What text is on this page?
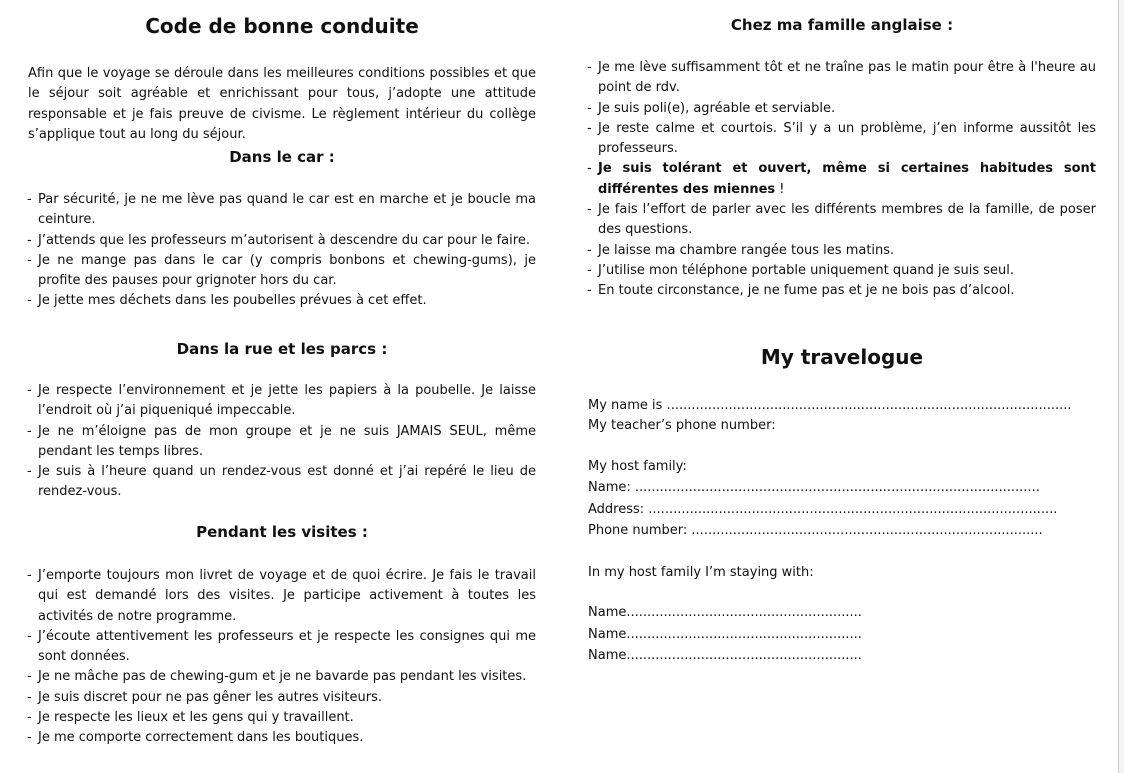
Code de bonne conduite

Afin que le voyage se déroule dans les meilleures conditions possibles et que le séjour soit agréable et enrichissant pour tous, j’adopte une attitude responsable et je fais preuve de civisme. Le règlement intérieur du collège s’applique tout au long du séjour.

Dans le car :
- Par sécurité, je ne me lève pas quand le car est en marche et je boucle ma ceinture.
- J’attends que les professeurs m’autorisent à descendre du car pour le faire.
- Je ne mange pas dans le car (y compris bonbons et chewing-gums), je profite des pauses pour grignoter hors du car.
- Je jette mes déchets dans les poubelles prévues à cet effet.
Dans la rue et les parcs :
- Je respecte l’environnement et je jette les papiers à la poubelle. Je laisse l’endroit où j’ai piqueniqué impeccable.
- Je ne m’éloigne pas de mon groupe et je ne suis JAMAIS SEUL, même pendant les temps libres.
- Je suis à l’heure quand un rendez-vous est donné et j’ai repéré le lieu de rendez-vous.
Pendant les visites :
- J’emporte toujours mon livret de voyage et de quoi écrire. Je fais le travail qui est demandé lors des visites. Je participe activement à toutes les activités de notre programme.
- J’écoute attentivement les professeurs et je respecte les consignes qui me sont données.
- Je ne mâche pas de chewing-gum et je ne bavarde pas pendant les visites.
- Je suis discret pour ne pas gêner les autres visiteurs.
- Je respecte les lieux et les gens qui y travaillent.
- Je me comporte correctement dans les boutiques.
Chez ma famille anglaise :
- Je me lève suffisamment tôt et ne traîne pas le matin pour être à l'heure au point de rdv.
- Je suis poli(e), agréable et serviable.
- Je reste calme et courtois. S’il y a un problème, j’en informe aussitôt les professeurs.
- Je suis tolérant et ouvert, même si certaines habitudes sont différentes des miennes !
- Je fais l’effort de parler avec les différents membres de la famille, de poser des questions.
- Je laisse ma chambre rangée tous les matins.
- J’utilise mon téléphone portable uniquement quand je suis seul.
- En toute circonstance, je ne fume pas et je ne bois pas d’alcool.
My travelogue
My name is ..................................................................................................
My teacher’s phone number:
My host family:
Name: ..................................................................................................
Address: ...................................................................................................
Phone number: .....................................................................................
In my host family I’m staying with:
Name.........................................................
Name.........................................................
Name.........................................................
